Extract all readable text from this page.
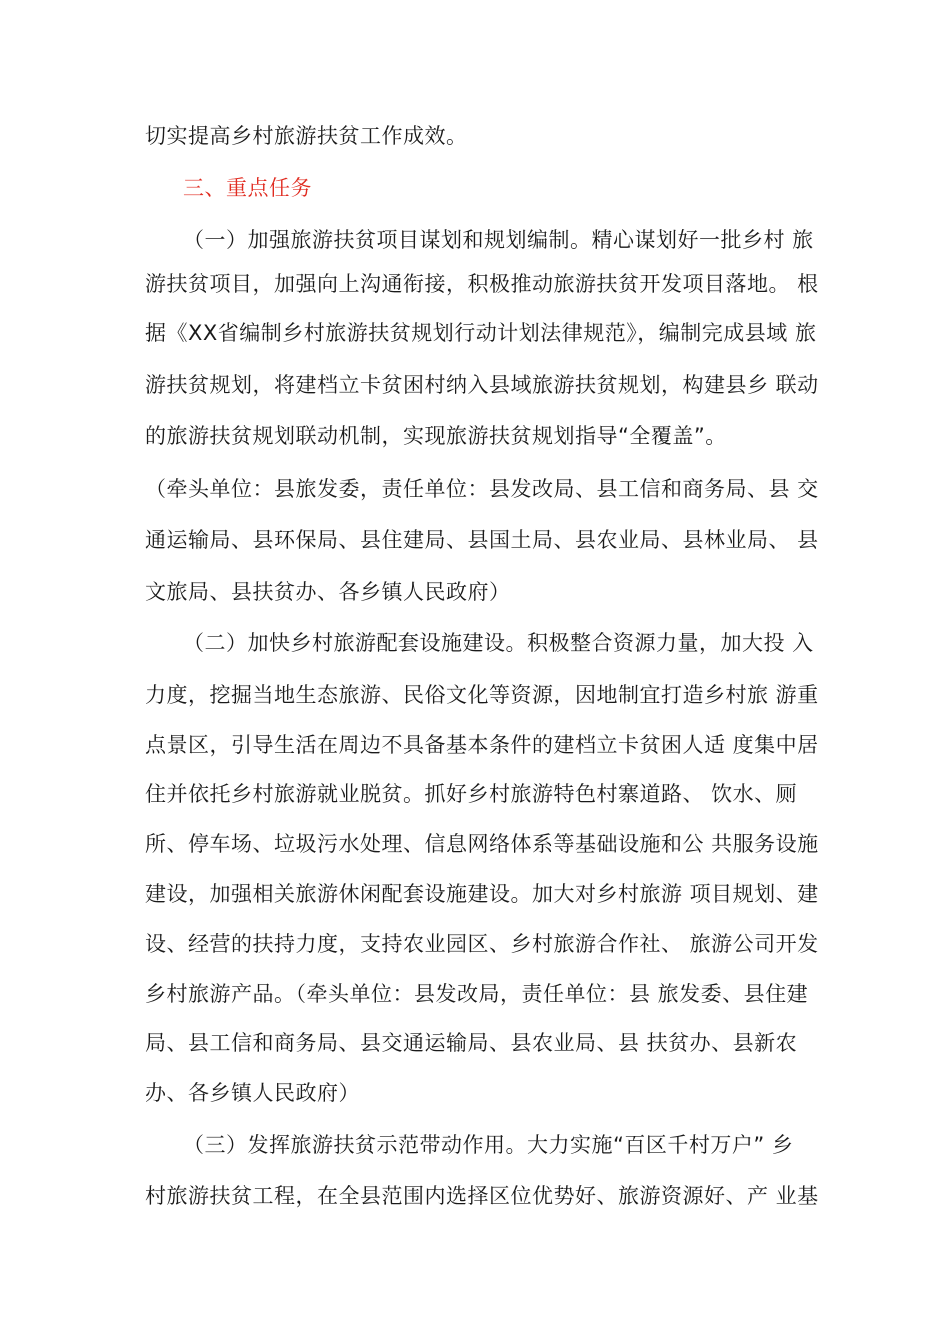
切实提高乡村旅游扶贫工作成效。
三、重点任务
（一）加强旅游扶贫项目谋划和规划编制。精心谋划好一批乡村 旅
游扶贫项目，加强向上沟通衔接，积极推动旅游扶贫开发项目落地。 根
据《XX省编制乡村旅游扶贫规划行动计划法律规范》，编制完成县域 旅
游扶贫规划，将建档立卡贫困村纳入县域旅游扶贫规划，构建县乡 联动
的旅游扶贫规划联动机制，实现旅游扶贫规划指导“全覆盖”。
（牵头单位：县旅发委，责任单位：县发改局、县工信和商务局、县 交
通运输局、县环保局、县住建局、县国土局、县农业局、县林业局、 县
文旅局、县扶贫办、各乡镇人民政府）
（二）加快乡村旅游配套设施建设。积极整合资源力量，加大投 入
力度，挖掘当地生态旅游、民俗文化等资源，因地制宜打造乡村旅 游重
点景区，引导生活在周边不具备基本条件的建档立卡贫困人适 度集中居
住并依托乡村旅游就业脱贫。抓好乡村旅游特色村寨道路、 饮水、厕
所、停车场、垃圾污水处理、信息网络体系等基础设施和公 共服务设施
建设，加强相关旅游休闲配套设施建设。加大对乡村旅游 项目规划、建
设、经营的扶持力度，支持农业园区、乡村旅游合作社、 旅游公司开发
乡村旅游产品。（牵头单位：县发改局，责任单位：县 旅发委、县住建
局、县工信和商务局、县交通运输局、县农业局、县 扶贫办、县新农
办、各乡镇人民政府）
（三）发挥旅游扶贫示范带动作用。大力实施“百区千村万户” 乡
村旅游扶贫工程，在全县范围内选择区位优势好、旅游资源好、产 业基
